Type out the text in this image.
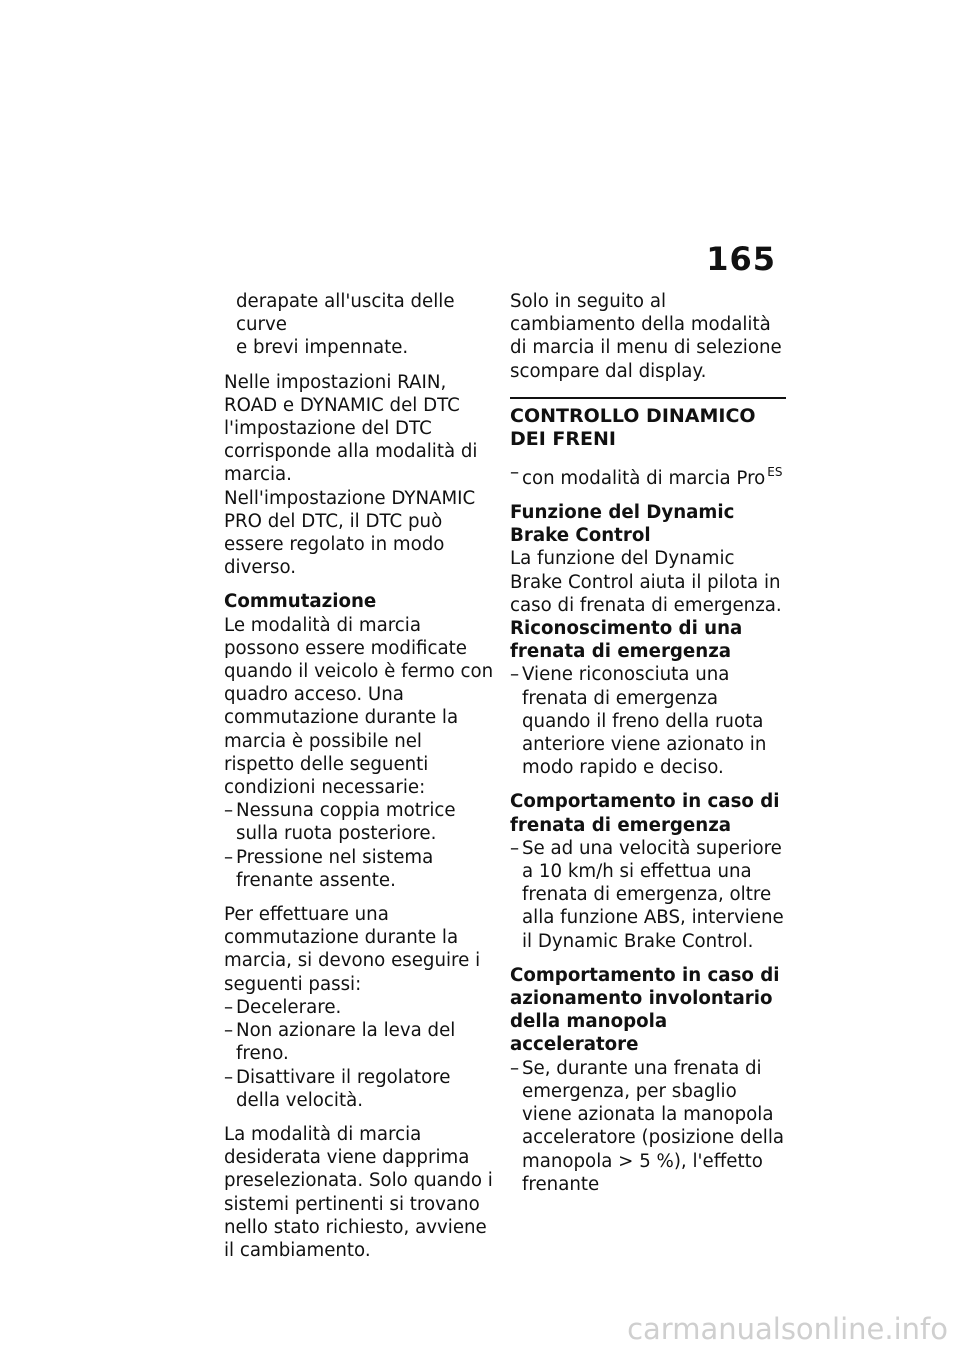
165
derapate all'uscita delle curve
e brevi impennate.

Nelle impostazioni RAIN, ROAD e DYNAMIC del DTC l'impostazione del DTC corrisponde alla modalità di marcia.

Nell'impostazione DYNAMIC PRO del DTC, il DTC può essere regolato in modo diverso.

Commutazione

Le modalità di marcia possono essere modificate quando il veicolo è fermo con quadro acceso. Una commutazione durante la marcia è possibile nel rispetto delle seguenti condizioni necessarie:

– Nessuna coppia motrice sulla ruota posteriore.
– Pressione nel sistema frenante assente.

Per effettuare una commutazione durante la marcia, si devono eseguire i seguenti passi:

– Decelerare.
– Non azionare la leva del freno.
– Disattivare il regolatore della velocità.

La modalità di marcia desiderata viene dapprima preselezionata. Solo quando i sistemi pertinenti si trovano nello stato richiesto, avviene il cambiamento.

Solo in seguito al cambiamento della modalità di marcia il menu di selezione scompare dal display.

CONTROLLO DINAMICO DEI FRENI
– con modalità di marcia Pro $^{ES}$
Funzione del Dynamic Brake Control

La funzione del Dynamic Brake Control aiuta il pilota in caso di frenata di emergenza.

Riconoscimento di una frenata di emergenza
– Viene riconosciuta una frenata di emergenza quando il freno della ruota anteriore viene azionato in modo rapido e deciso.
Comportamento in caso di frenata di emergenza
– Se ad una velocità superiore a 10 km/h si effettua una frenata di emergenza, oltre alla funzione ABS, interviene il Dynamic Brake Control.
Comportamento in caso di azionamento involontario della manopola acceleratore
– Se, durante una frenata di emergenza, per sbaglio viene azionata la manopola acceleratore (posizione della manopola > 5 %), l'effetto frenante
carmanualsonline.info
